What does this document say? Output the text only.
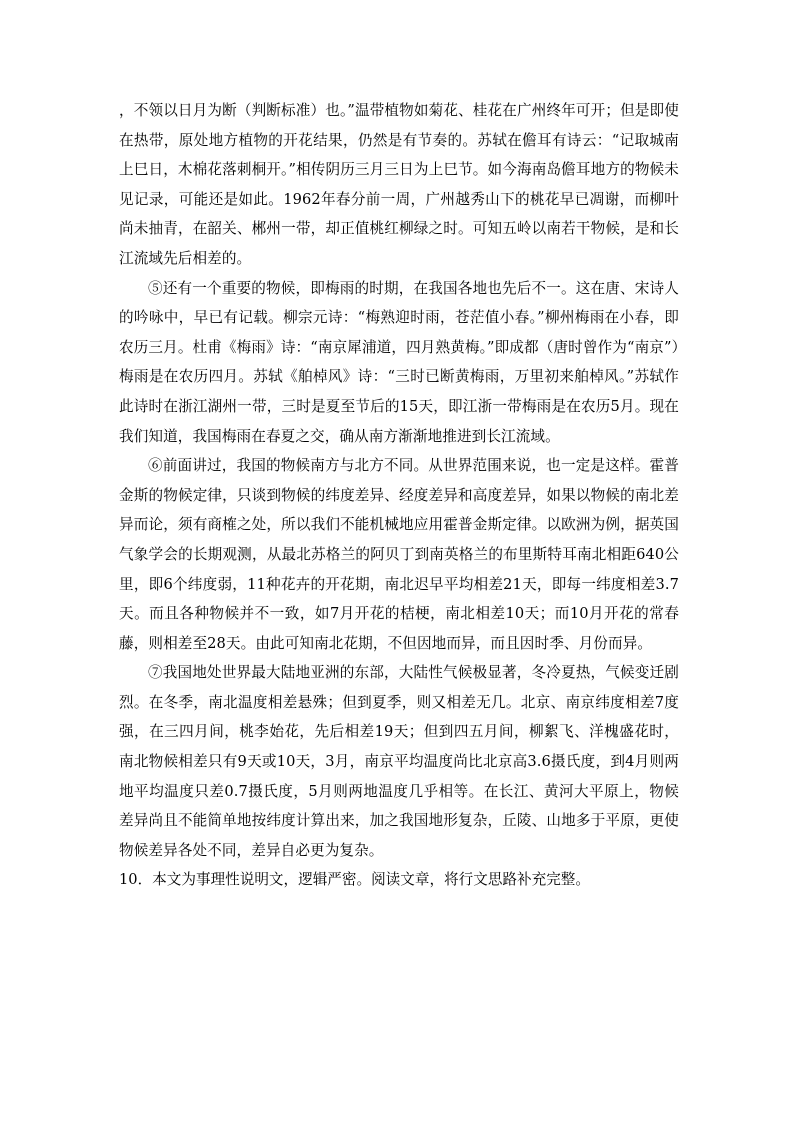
，不领以日月为断（判断标准）也。”温带植物如菊花、桂花在广州终年可开；但是即使在热带，原处地方植物的开花结果，仍然是有节奏的。苏轼在儋耳有诗云：“记取城南上巳日，木棉花落刺桐开。”相传阴历三月三日为上巳节。如今海南岛儋耳地方的物候未见记录，可能还是如此。1962年春分前一周，广州越秀山下的桃花早已凋谢，而柳叶尚未抽青，在韶关、郴州一带，却正值桃红柳绿之时。可知五岭以南若干物候，是和长江流域先后相差的。

⑤还有一个重要的物候，即梅雨的时期，在我国各地也先后不一。这在唐、宋诗人的吟咏中，早已有记载。柳宗元诗：“梅熟迎时雨，苍茫值小春。”柳州梅雨在小春，即农历三月。杜甫《梅雨》诗：“南京犀浦道，四月熟黄梅。”即成都（唐时曾作为“南京”）梅雨是在农历四月。苏轼《舶棹风》诗：“三时已断黄梅雨，万里初来舶棹风。”苏轼作此诗时在浙江湖州一带，三时是夏至节后的15天，即江浙一带梅雨是在农历5月。现在我们知道，我国梅雨在春夏之交，确从南方渐渐地推进到长江流域。

⑥前面讲过，我国的物候南方与北方不同。从世界范围来说，也一定是这样。霍普金斯的物候定律，只谈到物候的纬度差异、经度差异和高度差异，如果以物候的南北差异而论，须有商榷之处，所以我们不能机械地应用霍普金斯定律。以欧洲为例，据英国气象学会的长期观测，从最北苏格兰的阿贝丁到南英格兰的布里斯特耳南北相距640公里，即6个纬度弱，11种花卉的开花期，南北迟早平均相差21天，即每一纬度相差3.7天。而且各种物候并不一致，如7月开花的桔梗，南北相差10天；而10月开花的常春藤，则相差至28天。由此可知南北花期，不但因地而异，而且因时季、月份而异。

⑦我国地处世界最大陆地亚洲的东部，大陆性气候极显著，冬冷夏热，气候变迁剧烈。在冬季，南北温度相差悬殊；但到夏季，则又相差无几。北京、南京纬度相差7度强，在三四月间，桃李始花，先后相差19天；但到四五月间，柳絮飞、洋槐盛花时，南北物候相差只有9天或10天，3月，南京平均温度尚比北京高3.6摄氏度，到4月则两地平均温度只差0.7摄氏度，5月则两地温度几乎相等。在长江、黄河大平原上，物候差异尚且不能简单地按纬度计算出来，加之我国地形复杂，丘陵、山地多于平原，更使物候差异各处不同，差异自必更为复杂。

10．本文为事理性说明文，逻辑严密。阅读文章，将行文思路补充完整。
